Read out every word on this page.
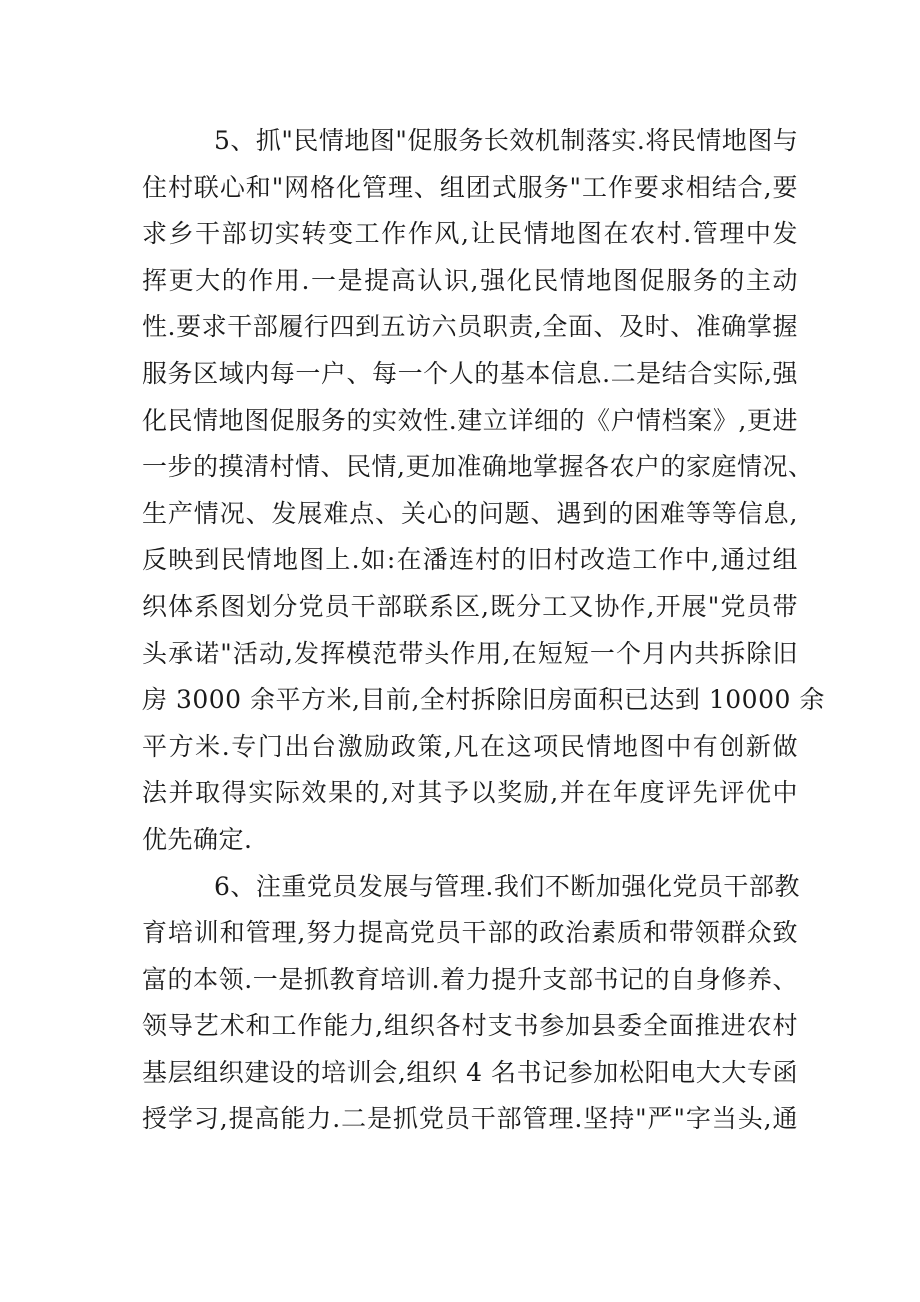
5、抓"民情地图"促服务长效机制落实.将民情地图与
住村联心和"网格化管理、组团式服务"工作要求相结合,要
求乡干部切实转变工作作风,让民情地图在农村.管理中发
挥更大的作用.一是提高认识,强化民情地图促服务的主动
性.要求干部履行四到五访六员职责,全面、及时、准确掌握
服务区域内每一户、每一个人的基本信息.二是结合实际,强
化民情地图促服务的实效性.建立详细的《户情档案》,更进
一步的摸清村情、民情,更加准确地掌握各农户的家庭情况、
生产情况、发展难点、关心的问题、遇到的困难等等信息,
反映到民情地图上.如:在潘连村的旧村改造工作中,通过组
织体系图划分党员干部联系区,既分工又协作,开展"党员带
头承诺"活动,发挥模范带头作用,在短短一个月内共拆除旧
房 3000 余平方米,目前,全村拆除旧房面积已达到 10000 余
平方米.专门出台激励政策,凡在这项民情地图中有创新做
法并取得实际效果的,对其予以奖励,并在年度评先评优中
优先确定.
6、注重党员发展与管理.我们不断加强化党员干部教
育培训和管理,努力提高党员干部的政治素质和带领群众致
富的本领.一是抓教育培训.着力提升支部书记的自身修养、
领导艺术和工作能力,组织各村支书参加县委全面推进农村
基层组织建设的培训会,组织 4 名书记参加松阳电大大专函
授学习,提高能力.二是抓党员干部管理.坚持"严"字当头,通
